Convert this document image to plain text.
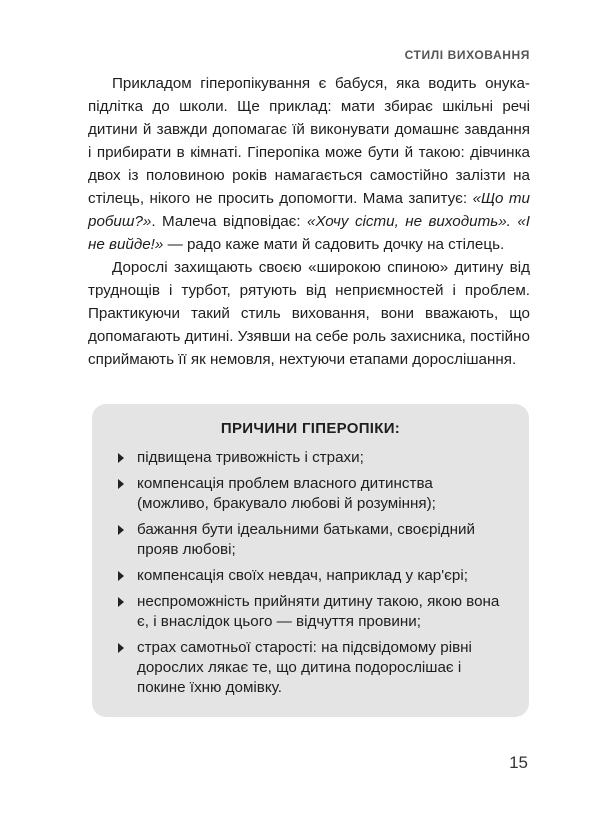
СТИЛІ ВИХОВАННЯ

Прикладом гіперопікування є бабуся, яка водить онука-підлітка до школи. Ще приклад: мати збирає шкільні речі дитини й завжди допомагає їй виконувати домашнє завдання і прибирати в кімнаті. Гіперопіка може бути й такою: дівчинка двох із половиною років намагається самостійно залізти на стілець, нікого не просить допомогти. Мама запитує: «Що ти робиш?». Малеча відповідає: «Хочу сісти, не виходить». «І не вийде!» — радо каже мати й садовить дочку на стілець.

Дорослі захищають своєю «широкою спиною» дитину від труднощів і турбот, рятують від неприємностей і проблем. Практикуючи такий стиль виховання, вони вважають, що допомагають дитині. Узявши на себе роль захисника, постійно сприймають її як немовля, нехтуючи етапами дорослішання.

ПРИЧИНИ ГІПЕРОПІКИ:
підвищена тривожність і страхи;
компенсація проблем власного дитинства (можливо, бракувало любові й розуміння);
бажання бути ідеальними батьками, своєрідний прояв любові;
компенсація своїх невдач, наприклад у кар'єрі;
неспроможність прийняти дитину такою, якою вона є, і внаслідок цього — відчуття провини;
страх самотньої старості: на підсвідомому рівні дорослих лякає те, що дитина подорослішає і покине їхню домівку.
15
